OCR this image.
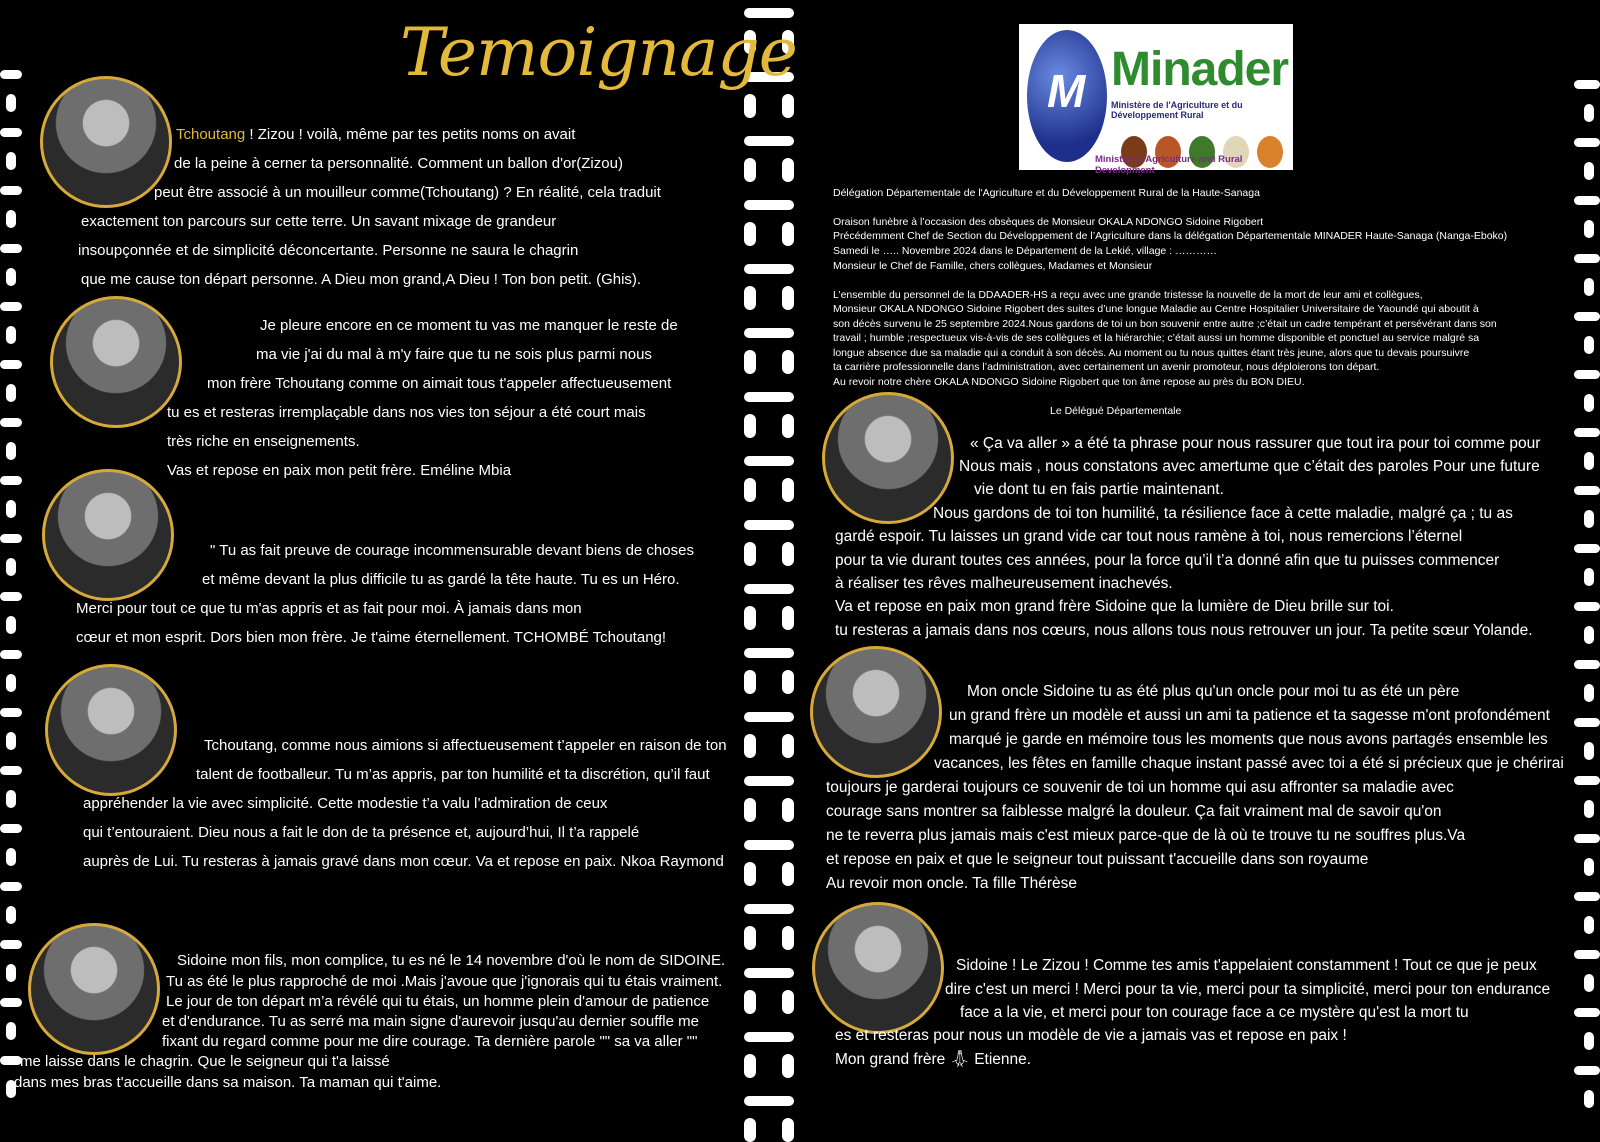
Temoignage	M Minader
Ministère de l'Agriculture et du Développement Rural
Ministry of Agriculture and Rural Development
Tchoutang ! Zizou ! voilà, même par tes petits noms on avait
de la peine à cerner ta personnalité. Comment un ballon d'or(Zizou)
peut être associé à un mouilleur comme(Tchoutang) ? En réalité, cela traduit
exactement ton parcours sur cette terre. Un savant mixage de grandeur
insoupçonnée et de simplicité déconcertante. Personne ne saura le chagrin
que me cause ton départ personne. A Dieu mon grand,A Dieu ! Ton bon petit. (Ghis).
Je pleure encore en ce moment tu vas me manquer le reste de
ma vie j'ai du mal à m'y faire que tu ne sois plus parmi nous
mon frère Tchoutang comme on aimait tous t'appeler affectueusement
tu es et resteras irremplaçable dans nos vies ton séjour a été court mais
très riche en enseignements.
Vas et repose en paix mon petit frère. Eméline Mbia
" Tu as fait preuve de courage incommensurable devant biens de choses
et même devant la plus difficile tu as gardé la tête haute. Tu es un Héro.
Merci pour tout ce que tu m'as appris et as fait pour moi. À jamais dans mon
cœur et mon esprit. Dors bien mon frère. Je t'aime éternellement. TCHOMBÉ Tchoutang!
Tchoutang, comme nous aimions si affectueusement t’appeler en raison de ton
talent de footballeur. Tu m’as appris, par ton humilité et ta discrétion, qu’il faut
appréhender la vie avec simplicité. Cette modestie t’a valu l’admiration de ceux
qui t’entouraient. Dieu nous a fait le don de ta présence et, aujourd’hui, Il t’a rappelé
auprès de Lui. Tu resteras à jamais gravé dans mon cœur. Va et repose en paix. Nkoa Raymond
Sidoine mon fils, mon complice, tu es né le 14 novembre d'où le nom de SIDOINE.
Tu as été le plus rapproché de moi .Mais j'avoue que j'ignorais qui tu étais vraiment.
Le jour de ton départ m’a révélé qui tu étais, un homme plein d'amour de patience
et d'endurance. Tu as serré ma main signe d'aurevoir jusqu'au dernier souffle me
fixant du regard comme pour me dire courage. Ta dernière parole "" sa va aller ""
me laisse dans le chagrin. Que le seigneur qui t'a laissé
dans mes bras t'accueille dans sa maison. Ta maman qui t'aime.
Délégation Départementale de l'Agriculture et du Développement Rural de la Haute-Sanaga
Oraison funèbre à l’occasion des obsèques de Monsieur OKALA NDONGO Sidoine Rigobert
Précédemment Chef de Section du Développement de l’Agriculture dans la délégation Départementale MINADER Haute-Sanaga (Nanga-Eboko)
Samedi le ….. Novembre 2024 dans le Département de la Lekié, village : …………
Monsieur le Chef de Famille, chers collègues, Madames et Monsieur
L’ensemble du personnel de la DDAADER-HS a reçu avec une grande tristesse la nouvelle de la mort de leur ami et collègues,
Monsieur OKALA NDONGO Sidoine Rigobert des suites d’une longue Maladie au Centre Hospitalier Universitaire de Yaoundé qui aboutit à
son décès survenu le 25 septembre 2024.Nous gardons de toi un bon souvenir entre autre ;c’était un cadre tempérant et persévérant dans son
travail ; humble ;respectueux vis-à-vis de ses collègues et la hiérarchie; c’était aussi un homme disponible et ponctuel au service malgré sa
longue absence due sa maladie qui a conduit à son décès. Au moment ou tu nous quittes étant très jeune, alors que tu devais poursuivre
ta carrière professionnelle dans l’administration, avec certainement un avenir promoteur, nous déploierons ton départ.
Au revoir notre chère OKALA NDONGO Sidoine Rigobert que ton âme repose au près du BON DIEU.
Le Délégué Départementale
« Ça va aller » a été ta phrase pour nous rassurer que tout ira pour toi comme pour
Nous mais , nous constatons avec amertume que c’était des paroles Pour une future
vie dont tu en fais partie maintenant.
Nous gardons de toi ton humilité, ta résilience face à cette maladie, malgré ça ; tu as
gardé espoir. Tu laisses un grand vide car tout nous ramène à toi, nous remercions l’éternel
pour ta vie durant toutes ces années, pour la force qu’il t’a donné afin que tu puisses commencer
à réaliser tes rêves malheureusement inachevés.
Va et repose en paix mon grand frère Sidoine que la lumière de Dieu brille sur toi.
tu resteras a jamais dans nos cœurs, nous allons tous nous retrouver un jour. Ta petite sœur Yolande.
Mon oncle Sidoine tu as été plus qu'un oncle pour moi tu as été un père
un grand frère un modèle et aussi un ami ta patience et ta sagesse m'ont profondément
marqué je garde en mémoire tous les moments que nous avons partagés ensemble les
vacances, les fêtes en famille chaque instant passé avec toi a été si précieux que je chérirai
toujours je garderai toujours ce souvenir de toi un homme qui asu affronter sa maladie avec
courage sans montrer sa faiblesse malgré la douleur. Ça fait vraiment mal de savoir qu'on
ne te reverra plus jamais mais c'est mieux parce-que de là où te trouve tu ne souffres plus.Va
et repose en paix et que le seigneur tout puissant t'accueille dans son royaume
Au revoir mon oncle. Ta fille Thérèse
Sidoine ! Le Zizou ! Comme tes amis t'appelaient constamment ! Tout ce que je peux
dire c'est un merci ! Merci pour ta vie, merci pour ta simplicité, merci pour ton endurance
face a la vie, et merci pour ton courage face a ce mystère qu'est la mort tu
es et resteras pour nous un modèle de vie a jamais vas et repose en paix !
Mon grand frère 🙏︎ Etienne.
